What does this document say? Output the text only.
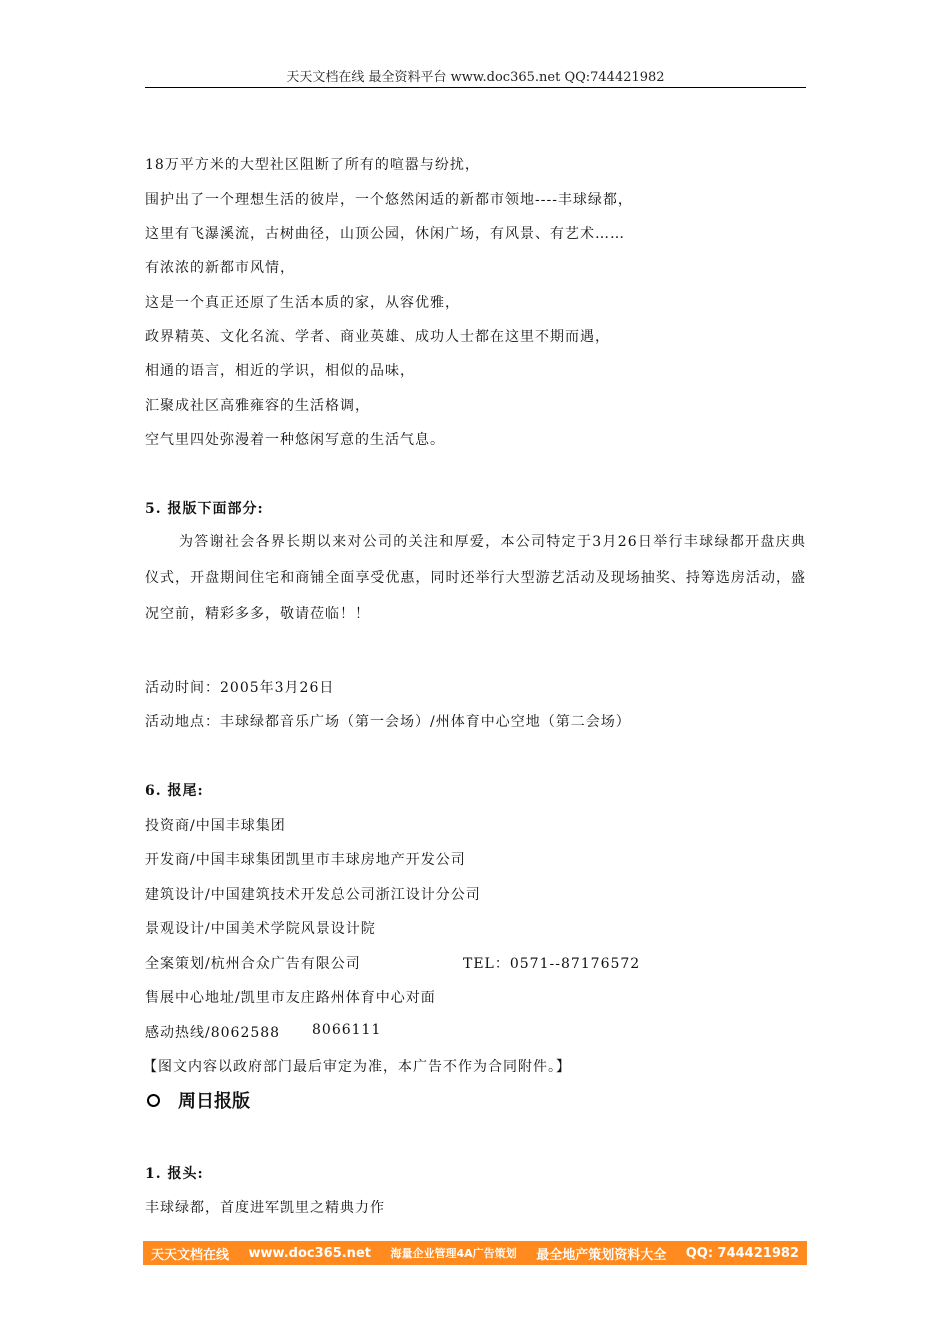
天天文档在线 最全资料平台 www.doc365.net QQ:744421982
18万平方米的大型社区阻断了所有的喧嚣与纷扰，
围护出了一个理想生活的彼岸，一个悠然闲适的新都市领地----丰球绿都，
这里有飞瀑溪流，古树曲径，山顶公园，休闲广场，有风景、有艺术……
有浓浓的新都市风情，
这是一个真正还原了生活本质的家，从容优雅，
政界精英、文化名流、学者、商业英雄、成功人士都在这里不期而遇，
相通的语言，相近的学识，相似的品味，
汇聚成社区高雅雍容的生活格调，
空气里四处弥漫着一种悠闲写意的生活气息。
5. 报版下面部分:
为答谢社会各界长期以来对公司的关注和厚爱，本公司特定于3月26日举行丰球绿都开盘庆典仪式，开盘期间住宅和商铺全面享受优惠，同时还举行大型游艺活动及现场抽奖、持筹选房活动，盛况空前，精彩多多，敬请莅临！！
活动时间：2005年3月26日
活动地点：丰球绿都音乐广场（第一会场）/州体育中心空地（第二会场）
6. 报尾:
投资商/中国丰球集团
开发商/中国丰球集团凯里市丰球房地产开发公司
建筑设计/中国建筑技术开发总公司浙江设计分公司
景观设计/中国美术学院风景设计院
全案策划/杭州合众广告有限公司	TEL：0571--87176572
售展中心地址/凯里市友庄路州体育中心对面
感动热线/8062588 8066111
【图文内容以政府部门最后审定为准，本广告不作为合同附件。】
周日报版
1. 报头:
丰球绿都，首度进军凯里之精典力作
天天文档在线 www.doc365.net 海量企业管理4A广告策划 最全地产策划资料大全 QQ: 744421982
